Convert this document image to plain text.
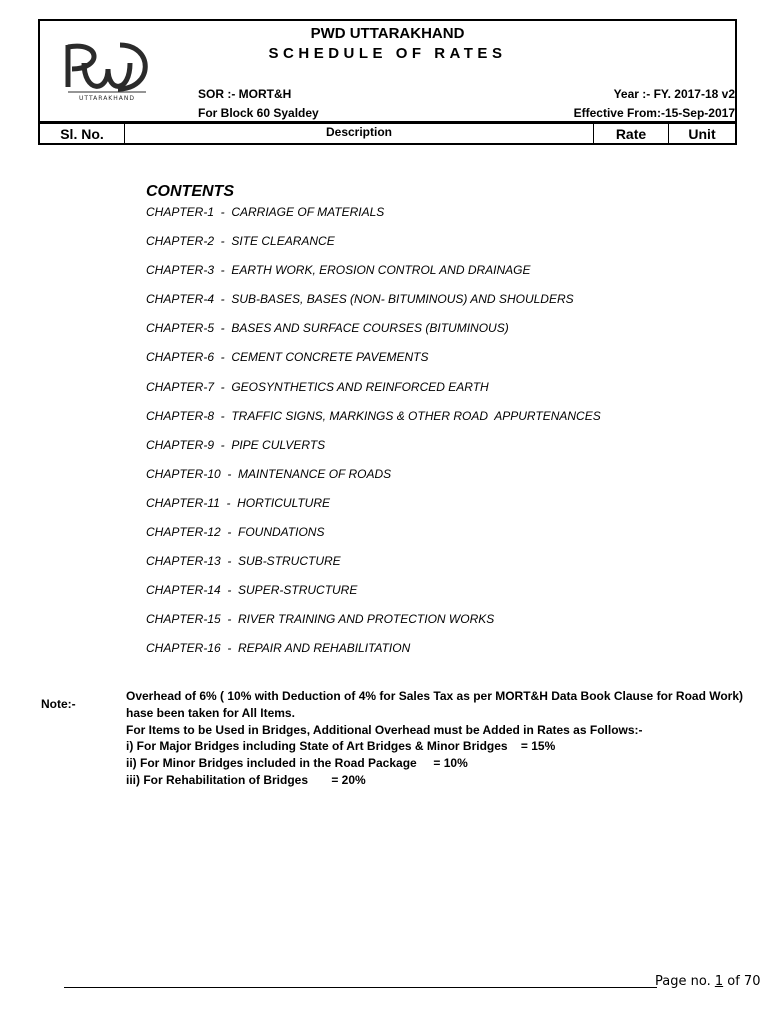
UTTARAKHAND
PWD UTTARAKHAND
SCHEDULE OF RATES
SOR :- MORT&H
For Block 60 Syaldey
Year :- FY. 2017-18 v2
Effective From:-15-Sep-2017
Sl. No.	Description	Rate	Unit
CONTENTS
CHAPTER-1  -  CARRIAGE OF MATERIALS
CHAPTER-2  -  SITE CLEARANCE
CHAPTER-3  -  EARTH WORK, EROSION CONTROL AND DRAINAGE
CHAPTER-4  -  SUB-BASES, BASES (NON- BITUMINOUS) AND SHOULDERS
CHAPTER-5  -  BASES AND SURFACE COURSES (BITUMINOUS)
CHAPTER-6  -  CEMENT CONCRETE PAVEMENTS
CHAPTER-7  -  GEOSYNTHETICS AND REINFORCED EARTH
CHAPTER-8  -  TRAFFIC SIGNS, MARKINGS & OTHER ROAD  APPURTENANCES
CHAPTER-9  -  PIPE CULVERTS
CHAPTER-10  -  MAINTENANCE OF ROADS
CHAPTER-11  -  HORTICULTURE
CHAPTER-12  -  FOUNDATIONS
CHAPTER-13  -  SUB-STRUCTURE
CHAPTER-14  -  SUPER-STRUCTURE
CHAPTER-15  -  RIVER TRAINING AND PROTECTION WORKS
CHAPTER-16  -  REPAIR AND REHABILITATION
Note:-
Overhead of 6% ( 10% with Deduction of 4% for Sales Tax as per MORT&H Data Book Clause for Road Work)
hase been taken for All Items.
For Items to be Used in Bridges, Additional Overhead must be Added in Rates as Follows:-
i) For Major Bridges including State of Art Bridges & Minor Bridges    = 15%
ii) For Minor Bridges included in the Road Package     = 10%
iii) For Rehabilitation of Bridges       = 20%
Page no. 1 of 70
